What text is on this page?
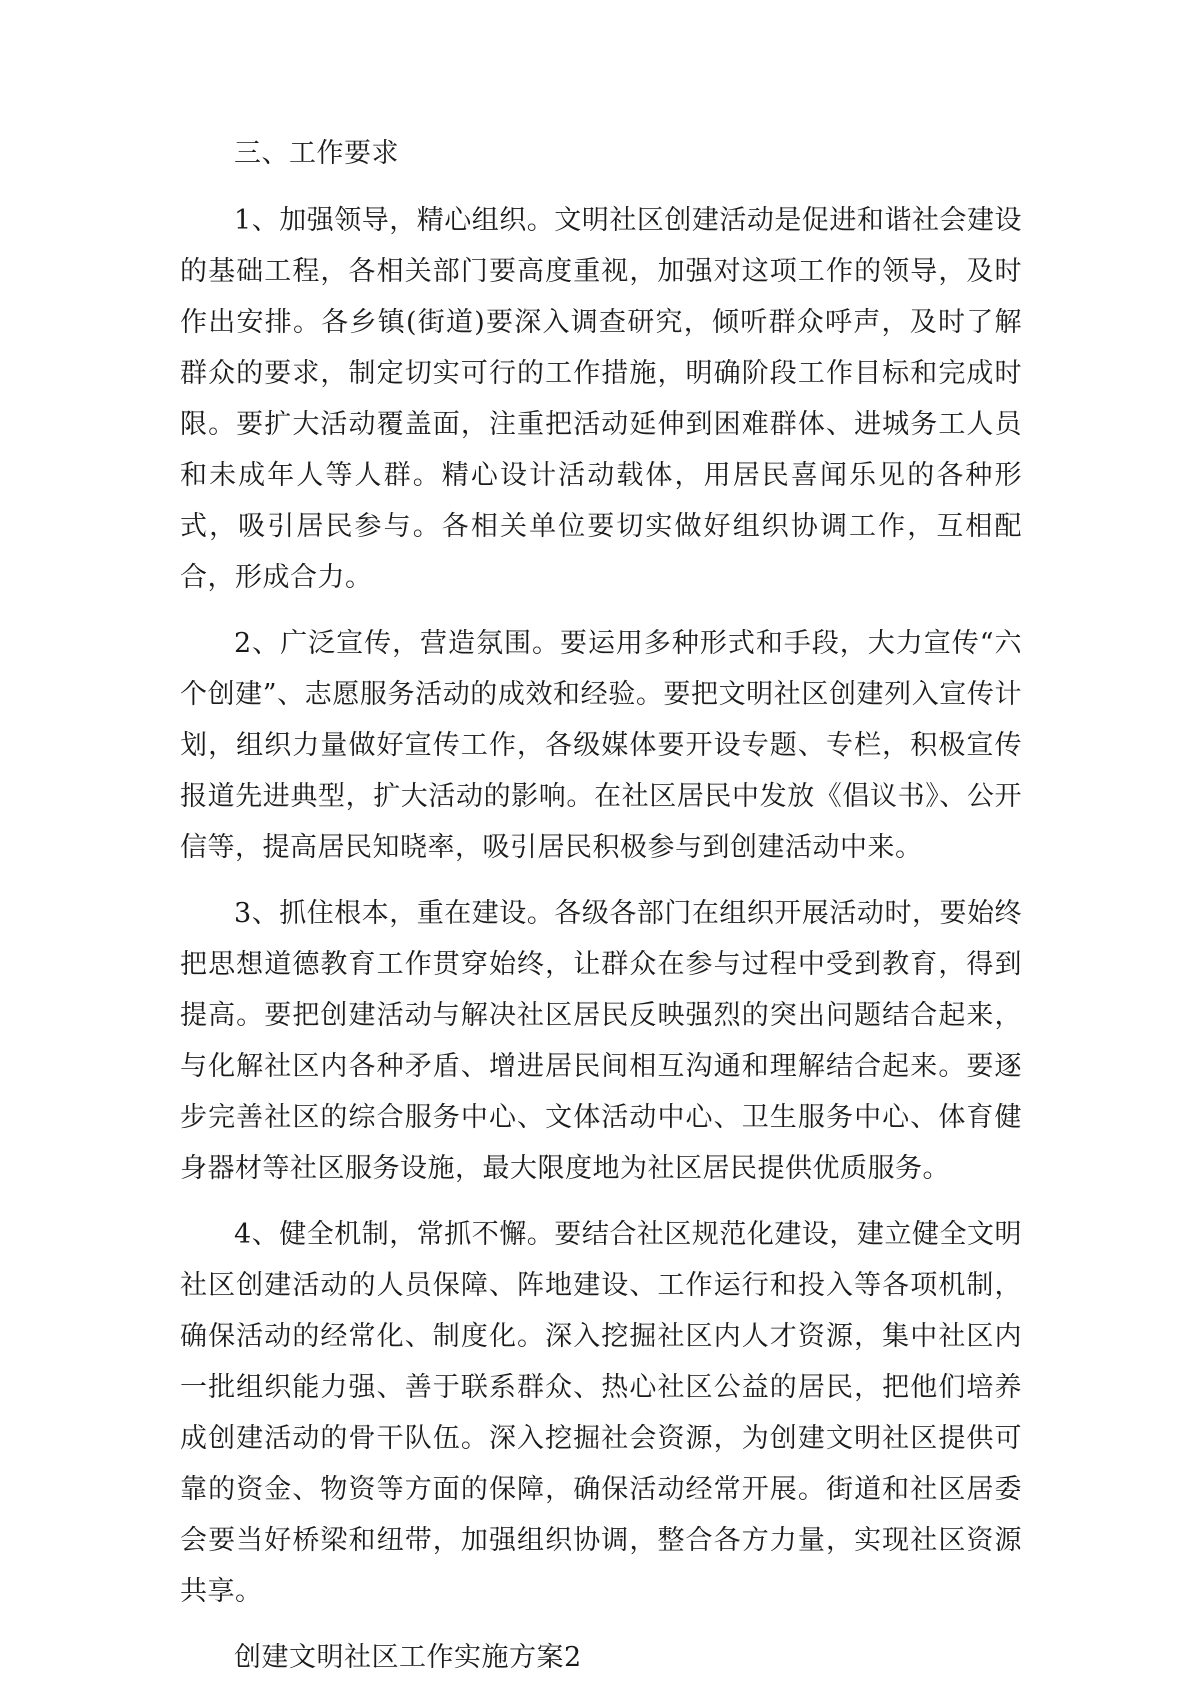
三、工作要求

1、加强领导，精心组织。文明社区创建活动是促进和谐社会建设的基础工程，各相关部门要高度重视，加强对这项工作的领导，及时作出安排。各乡镇(街道)要深入调查研究，倾听群众呼声，及时了解群众的要求，制定切实可行的工作措施，明确阶段工作目标和完成时限。要扩大活动覆盖面，注重把活动延伸到困难群体、进城务工人员和未成年人等人群。精心设计活动载体，用居民喜闻乐见的各种形式，吸引居民参与。各相关单位要切实做好组织协调工作，互相配合，形成合力。

2、广泛宣传，营造氛围。要运用多种形式和手段，大力宣传“六个创建”、志愿服务活动的成效和经验。要把文明社区创建列入宣传计划，组织力量做好宣传工作，各级媒体要开设专题、专栏，积极宣传报道先进典型，扩大活动的影响。在社区居民中发放《倡议书》、公开信等，提高居民知晓率，吸引居民积极参与到创建活动中来。

3、抓住根本，重在建设。各级各部门在组织开展活动时，要始终把思想道德教育工作贯穿始终，让群众在参与过程中受到教育，得到提高。要把创建活动与解决社区居民反映强烈的突出问题结合起来，与化解社区内各种矛盾、增进居民间相互沟通和理解结合起来。要逐步完善社区的综合服务中心、文体活动中心、卫生服务中心、体育健身器材等社区服务设施，最大限度地为社区居民提供优质服务。

4、健全机制，常抓不懈。要结合社区规范化建设，建立健全文明社区创建活动的人员保障、阵地建设、工作运行和投入等各项机制，确保活动的经常化、制度化。深入挖掘社区内人才资源，集中社区内一批组织能力强、善于联系群众、热心社区公益的居民，把他们培养成创建活动的骨干队伍。深入挖掘社会资源，为创建文明社区提供可靠的资金、物资等方面的保障，确保活动经常开展。街道和社区居委会要当好桥梁和纽带，加强组织协调，整合各方力量，实现社区资源共享。

创建文明社区工作实施方案2
